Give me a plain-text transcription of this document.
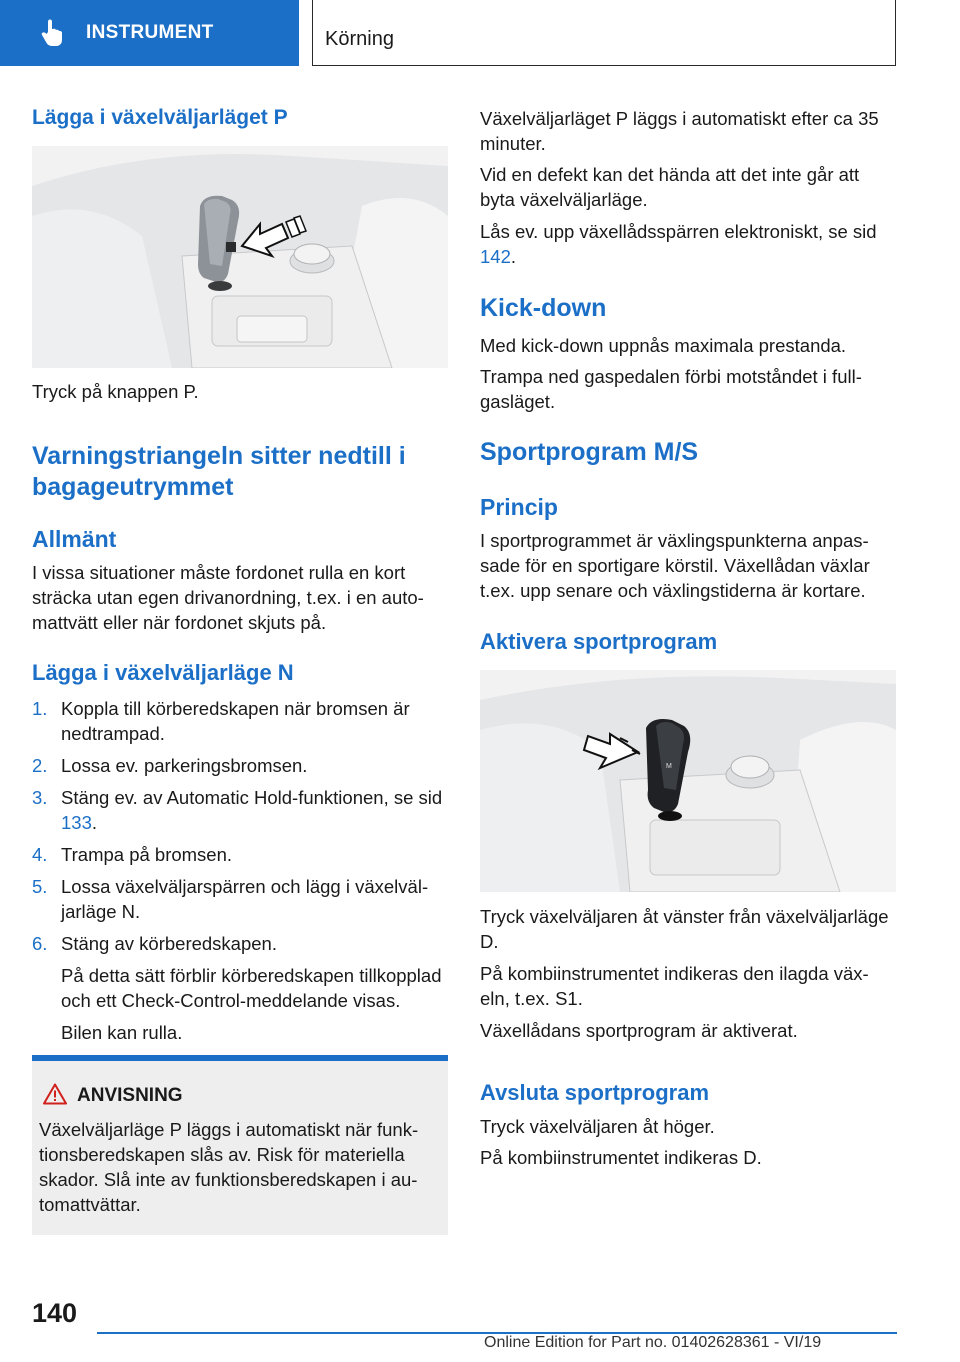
INSTRUMENT	Körning
Lägga i växelväljarläget P
Tryck på knappen P.
Varningstriangeln sitter nedtill i bagageutrymmet
Allmänt
I vissa situationer måste fordonet rulla en kort sträcka utan egen drivanordning, t.ex. i en automattvätt eller när fordonet skjuts på.
Lägga i växelväljarläge N
1. Koppla till körberedskapen när bromsen är nedtrampad.
2. Lossa ev. parkeringsbromsen.
3. Stäng ev. av Automatic Hold-funktionen, se sid 133.
4. Trampa på bromsen.
5. Lossa växelväljarspärren och lägg i växelväljarläge N.
6. Stäng av körberedskapen.
På detta sätt förblir körberedskapen tillkopplad och ett Check-Control-meddelande visas.
Bilen kan rulla.
ANVISNING
Växelväljarläge P läggs i automatiskt när funktionsberedskapen slås av. Risk för materiella skador. Slå inte av funktionsberedskapen i automattvättar.
Växelväljarläget P läggs i automatiskt efter ca 35 minuter.
Vid en defekt kan det hända att det inte går att byta växelväljarläge.
Lås ev. upp växellådsspärren elektroniskt, se sid 142.
Kick-down
Med kick-down uppnås maximala prestanda.
Trampa ned gaspedalen förbi motståndet i fullgasläget.
Sportprogram M/S
Princip
I sportprogrammet är växlingspunkterna anpassade för en sportigare körstil. Växellådan växlar t.ex. upp senare och växlingstiderna är kortare.
Aktivera sportprogram
M
Tryck växelväljaren åt vänster från växelväljarläge D.
På kombiinstrumentet indikeras den ilagda växeln, t.ex. S1.
Växellådans sportprogram är aktiverat.
Avsluta sportprogram
Tryck växelväljaren åt höger.
På kombiinstrumentet indikeras D.
140
Online Edition for Part no. 01402628361 - VI/19
